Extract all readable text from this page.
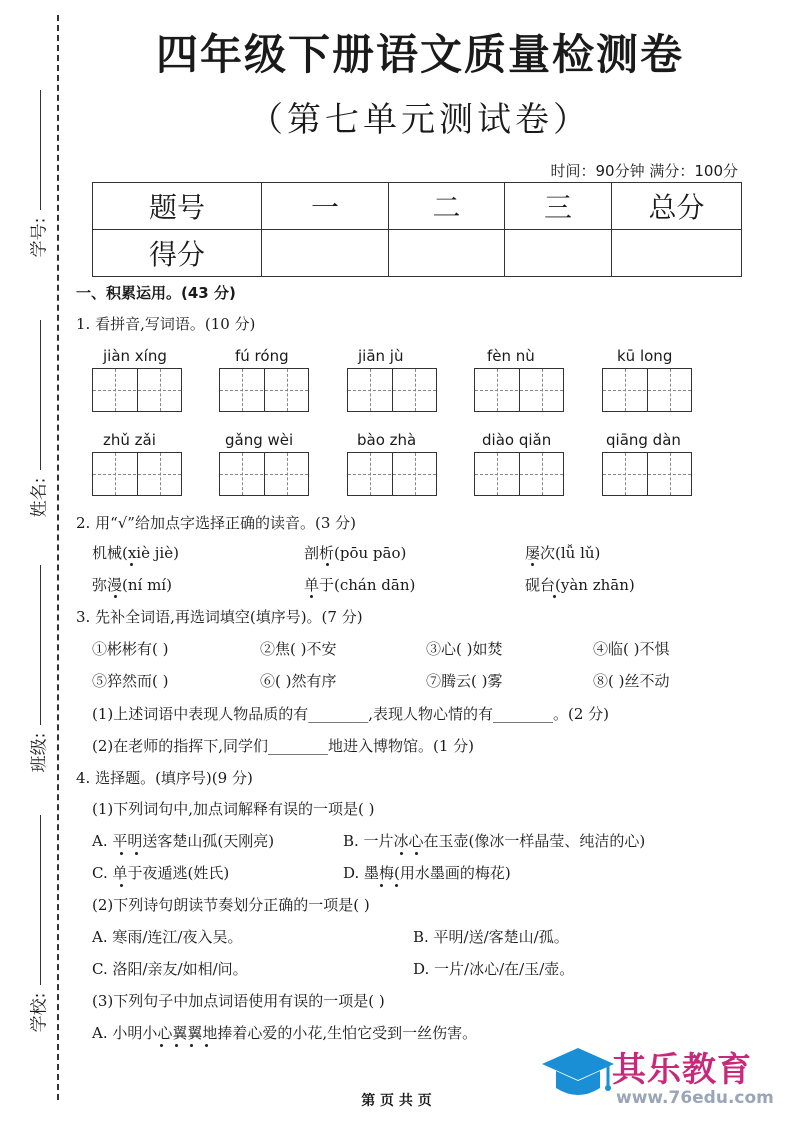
学号:
姓名:
班级:
学校:
四年级下册语文质量检测卷
（第七单元测试卷）
时间：90分钟 满分：100分
题号	一	二	三	总分
得分				
一、积累运用。(43 分)
1. 看拼音,写词语。(10 分)
jiàn xíng	fú róng	jiān jù	fèn nù	kū long
zhǔ zǎi	gǎng wèi	bào zhà	diào qiǎn	qiāng dàn
2. 用“√”给加点字选择正确的读音。(3 分)
机械(xiè jiè)	剖析(pōu pāo)	屡次(lǚ lǔ)
弥漫(ní mí)	单于(chán dān)	砚台(yàn zhān)
3. 先补全词语,再选词填空(填序号)。(7 分)
①彬彬有( )	②焦( )不安	③心( )如焚	④临( )不惧
⑤猝然而( )	⑥( )然有序	⑦腾云( )雾	⑧( )丝不动
(1)上述词语中表现人物品质的有________,表现人物心情的有________。(2 分)
(2)在老师的指挥下,同学们________地进入博物馆。(1 分)
4. 选择题。(填序号)(9 分)
(1)下列词句中,加点词解释有误的一项是( )
A. 平明送客楚山孤(天刚亮)	B. 一片冰心在玉壶(像冰一样晶莹、纯洁的心)
C. 单于夜遁逃(姓氏)	D. 墨梅(用水墨画的梅花)
(2)下列诗句朗读节奏划分正确的一项是( )
A. 寒雨/连江/夜入吴。	B. 平明/送/客楚山/孤。
C. 洛阳/亲友/如相/问。	D. 一片/冰心/在/玉/壶。
(3)下列句子中加点词语使用有误的一项是( )
A. 小明小心翼翼地捧着心爱的小花,生怕它受到一丝伤害。
第 页 共 页
其乐教育
www.76edu.com
